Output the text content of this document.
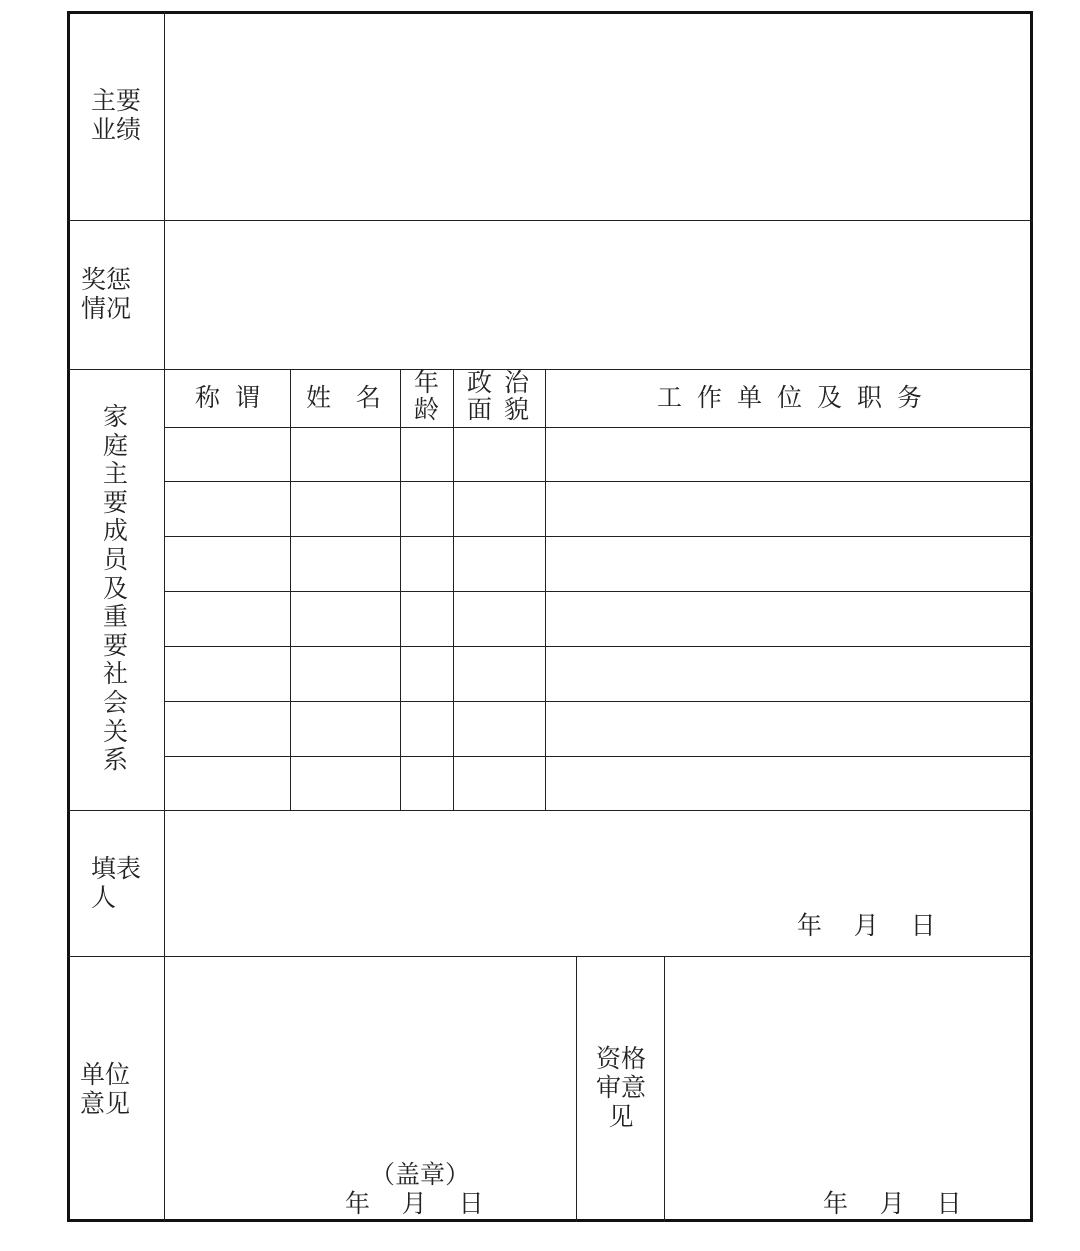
主要
业绩
奖惩
情况
家
庭
主
要
成
员
及
重
要
社
会
关
系
称谓 姓  名
年
龄
政 治
面 貌	工作单位及职务
填表
人
年    月    日
单位
意见
（盖章）
年    月    日
资格
审意
见
年    月    日
